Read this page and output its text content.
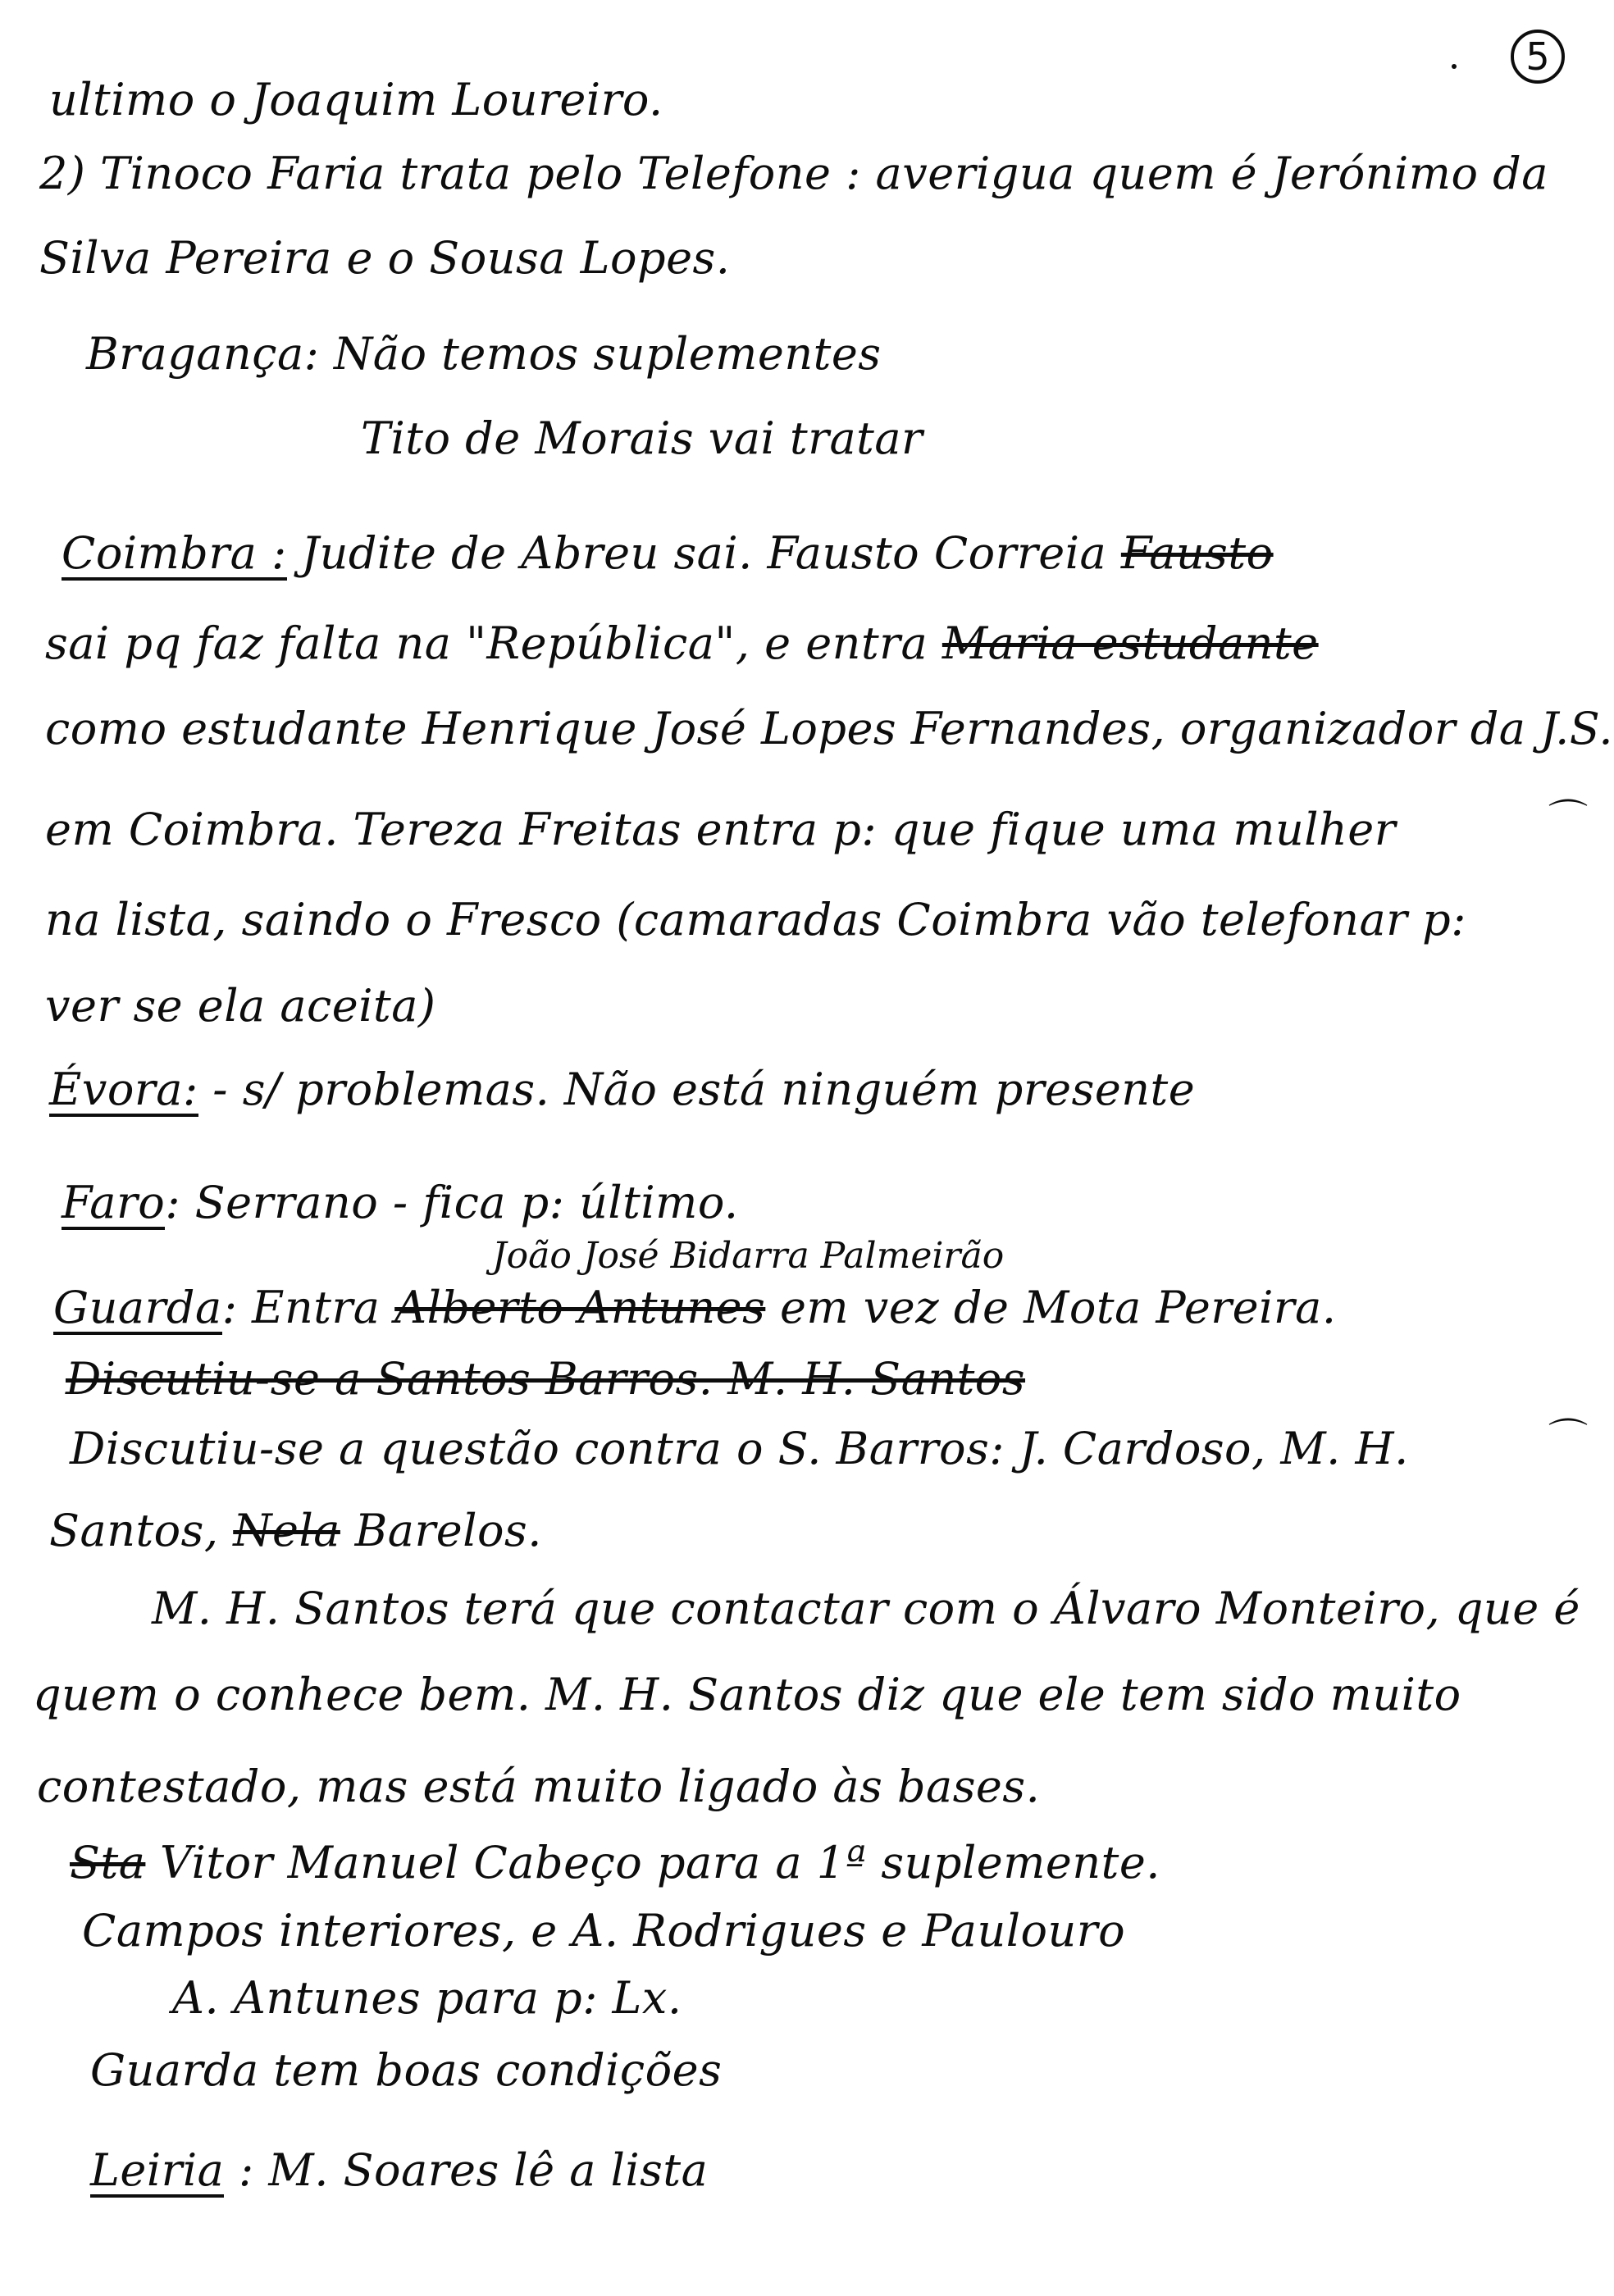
5
ultimo o Joaquim Loureiro.
2) Tinoco Faria trata pelo Telefone : averigua quem é Jerónimo da
Silva Pereira e o Sousa Lopes.
Bragança: Não temos suplementes
Tito de Morais vai tratar
Coimbra : Judite de Abreu sai. Fausto Correia Fausto
sai pq faz falta na "República", e entra Maria estudante
como estudante Henrique José Lopes Fernandes, organizador da J.S.
em Coimbra. Tereza Freitas entra p: que fique uma mulher	⌒
na lista, saindo o Fresco (camaradas Coimbra vão telefonar p:
ver se ela aceita)
Évora: - s/ problemas. Não está ninguém presente
Faro: Serrano - fica p: último.
João José Bidarra Palmeirão
Guarda: Entra Alberto Antunes em vez de Mota Pereira.
Discutiu-se a Santos Barros. M. H. Santos
Discutiu-se a questão contra o S. Barros: J. Cardoso, M. H.	⌒
Santos, Nela Barelos.
M. H. Santos terá que contactar com o Álvaro Monteiro, que é
quem o conhece bem. M. H. Santos diz que ele tem sido muito
contestado, mas está muito ligado às bases.
Sta Vitor Manuel Cabeço para a 1ª suplemente.
Campos interiores, e A. Rodrigues e Paulouro
A. Antunes para p: Lx.
Guarda tem boas condições
Leiria : M. Soares lê a lista
